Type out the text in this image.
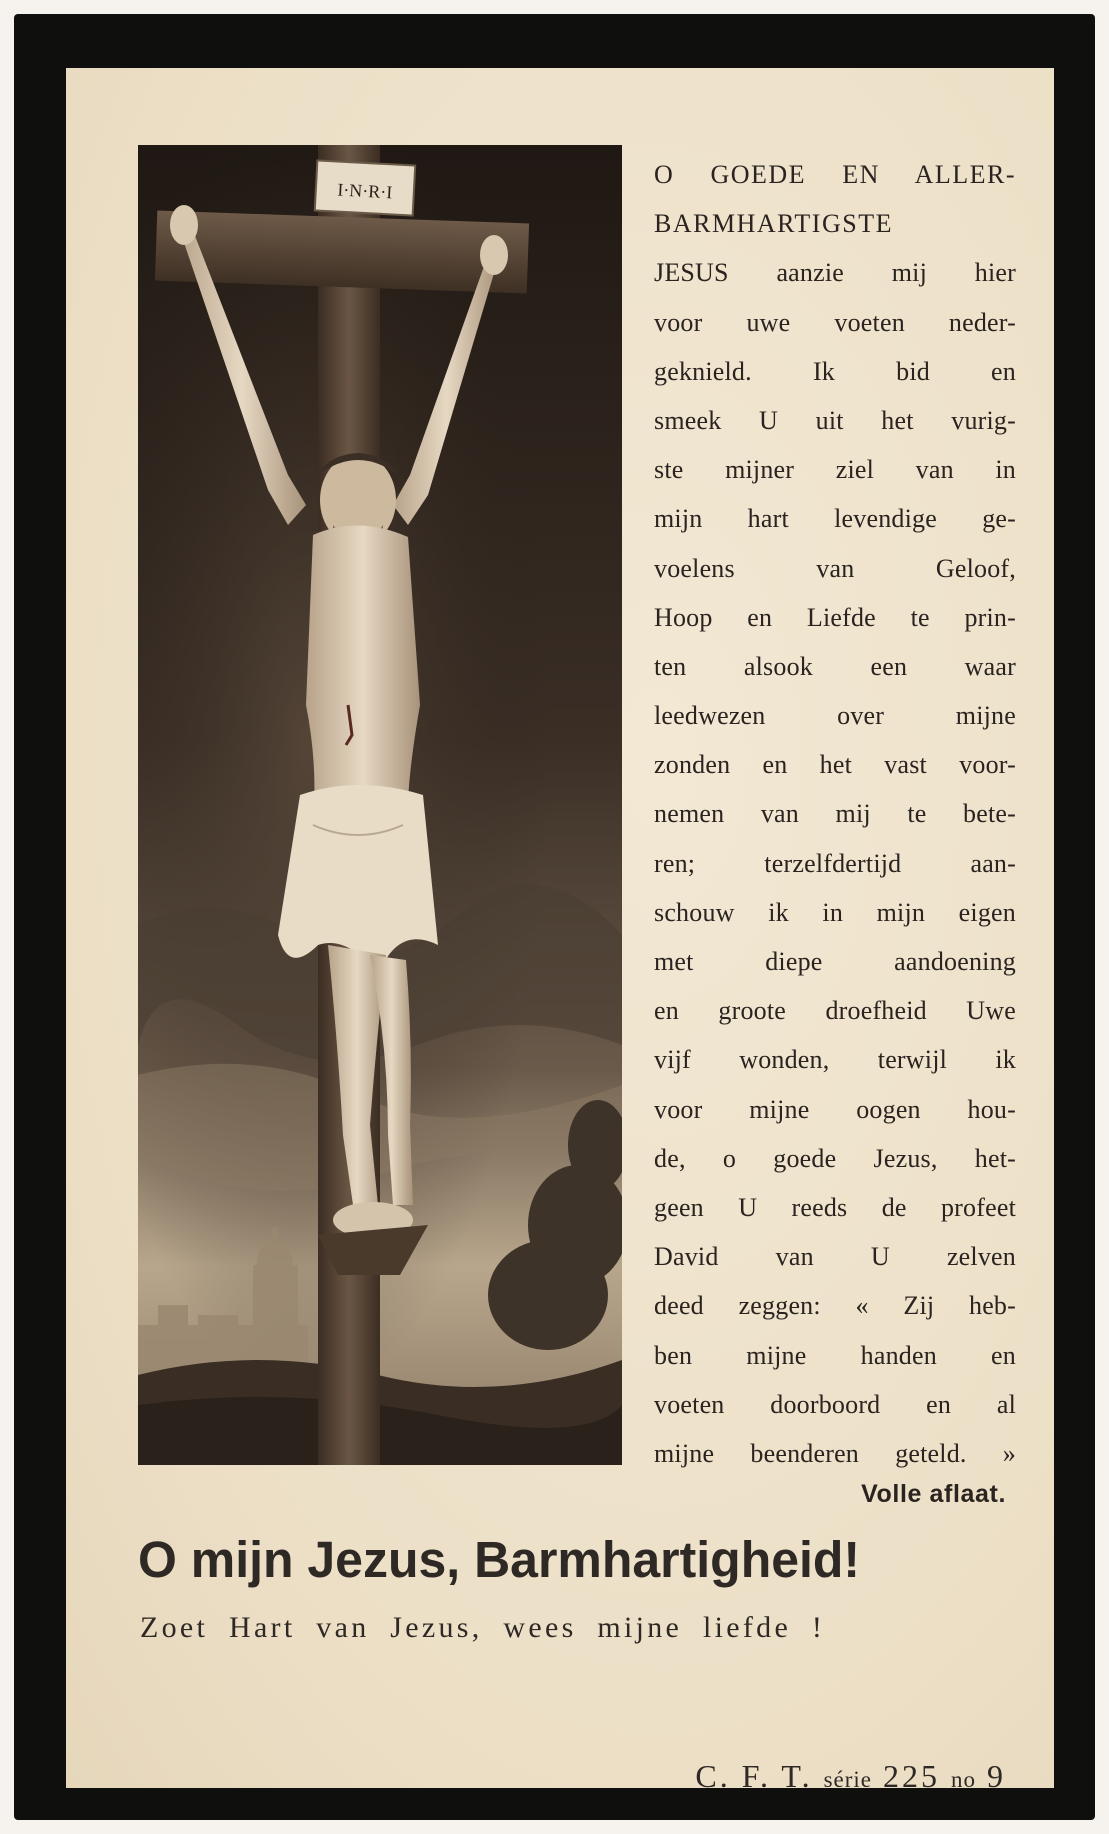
I·N·R·I
O GOEDE EN ALLER-
BARMHARTIGSTE
JESUS aanzie mij hier
voor uwe voeten neder-
geknield. Ik bid en
smeek U uit het vurig-
ste mijner ziel van in
mijn hart levendige ge-
voelens van Geloof,
Hoop en Liefde te prin-
ten alsook een waar
leedwezen over mijne
zonden en het vast voor-
nemen van mij te bete-
ren; terzelfdertijd aan-
schouw ik in mijn eigen
met diepe aandoening
en groote droefheid Uwe
vijf wonden, terwijl ik
voor mijne oogen hou-
de, o goede Jezus, het-
geen U reeds de profeet
David van U zelven
deed zeggen: « Zij heb-
ben mijne handen en
voeten doorboord en al
mijne beenderen geteld. »
Volle aflaat.
O mijn Jezus, Barmhartigheid!
Zoet Hart van Jezus, wees mijne liefde !
C. F. T. série 225 no 9
